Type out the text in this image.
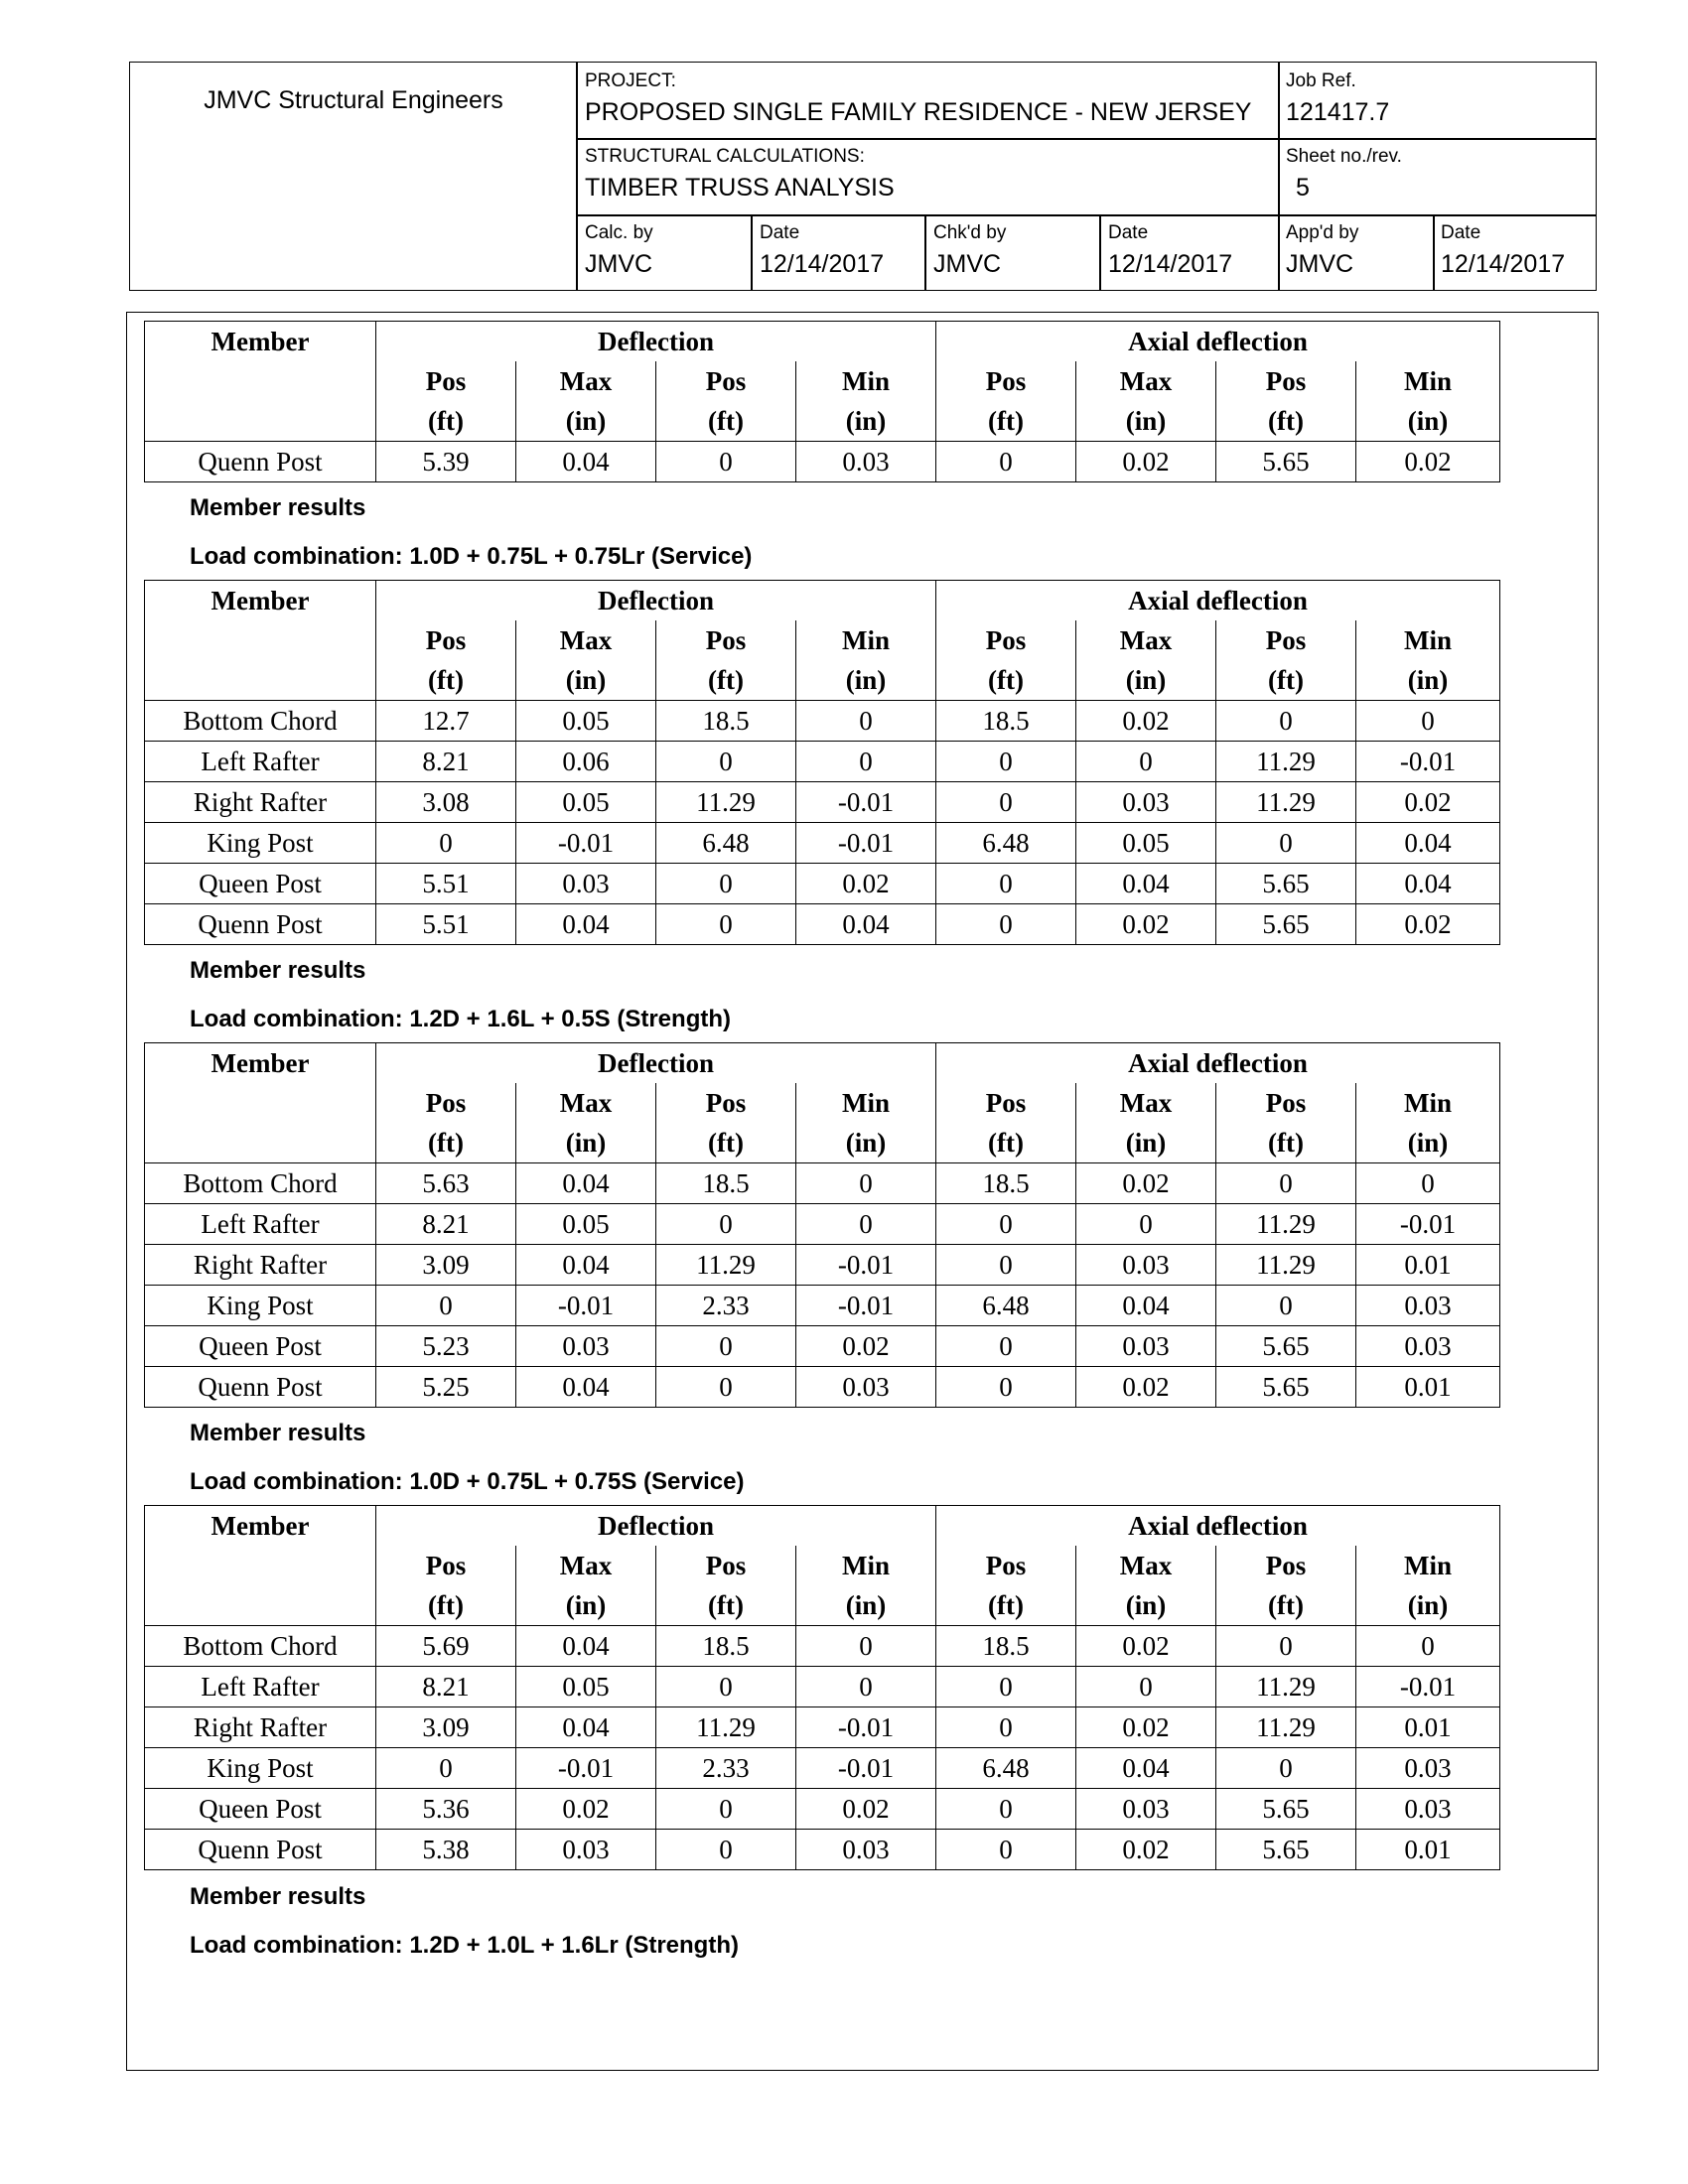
JMVC Structural Engineers
PROJECT:
PROPOSED SINGLE FAMILY RESIDENCE - NEW JERSEY
Job Ref.
121417.7
STRUCTURAL CALCULATIONS:
TIMBER TRUSS ANALYSIS
Sheet no./rev.
5
Calc. by
JMVC
Date
12/14/2017
Chk'd by
JMVC
Date
12/14/2017
App'd by
JMVC
Date
12/14/2017
Member	Deflection				Axial deflection			
	Pos	Max	Pos	Min	Pos	Max	Pos	Min
	(ft)	(in)	(ft)	(in)	(ft)	(in)	(ft)	(in)
Quenn Post	5.39	0.04	0	0.03	0	0.02	5.65	0.02
Member results
Load combination: 1.0D + 0.75L + 0.75Lr (Service)
Member	Deflection				Axial deflection			
	Pos	Max	Pos	Min	Pos	Max	Pos	Min
	(ft)	(in)	(ft)	(in)	(ft)	(in)	(ft)	(in)
Bottom Chord	12.7	0.05	18.5	0	18.5	0.02	0	0
Left Rafter	8.21	0.06	0	0	0	0	11.29	-0.01
Right Rafter	3.08	0.05	11.29	-0.01	0	0.03	11.29	0.02
King Post	0	-0.01	6.48	-0.01	6.48	0.05	0	0.04
Queen Post	5.51	0.03	0	0.02	0	0.04	5.65	0.04
Quenn Post	5.51	0.04	0	0.04	0	0.02	5.65	0.02
Member results
Load combination: 1.2D + 1.6L + 0.5S (Strength)
Member	Deflection				Axial deflection			
	Pos	Max	Pos	Min	Pos	Max	Pos	Min
	(ft)	(in)	(ft)	(in)	(ft)	(in)	(ft)	(in)
Bottom Chord	5.63	0.04	18.5	0	18.5	0.02	0	0
Left Rafter	8.21	0.05	0	0	0	0	11.29	-0.01
Right Rafter	3.09	0.04	11.29	-0.01	0	0.03	11.29	0.01
King Post	0	-0.01	2.33	-0.01	6.48	0.04	0	0.03
Queen Post	5.23	0.03	0	0.02	0	0.03	5.65	0.03
Quenn Post	5.25	0.04	0	0.03	0	0.02	5.65	0.01
Member results
Load combination: 1.0D + 0.75L + 0.75S (Service)
Member	Deflection				Axial deflection			
	Pos	Max	Pos	Min	Pos	Max	Pos	Min
	(ft)	(in)	(ft)	(in)	(ft)	(in)	(ft)	(in)
Bottom Chord	5.69	0.04	18.5	0	18.5	0.02	0	0
Left Rafter	8.21	0.05	0	0	0	0	11.29	-0.01
Right Rafter	3.09	0.04	11.29	-0.01	0	0.02	11.29	0.01
King Post	0	-0.01	2.33	-0.01	6.48	0.04	0	0.03
Queen Post	5.36	0.02	0	0.02	0	0.03	5.65	0.03
Quenn Post	5.38	0.03	0	0.03	0	0.02	5.65	0.01
Member results
Load combination: 1.2D + 1.0L + 1.6Lr (Strength)
